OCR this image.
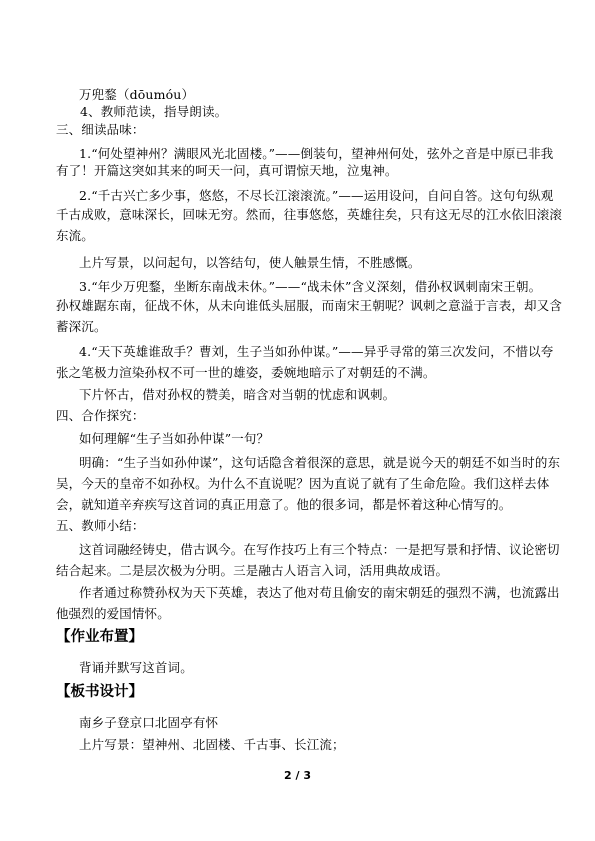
万兜鍪（dōumóu）
4、教师范读，指导朗读。
三、细读品味：
1.“何处望神州？满眼风光北固楼。”——倒装句，望神州何处，弦外之音是中原已非我
有了！开篇这突如其来的呵天一问，真可谓惊天地，泣鬼神。
2.“千古兴亡多少事，悠悠，不尽长江滚滚流。”——运用设问，自问自答。这句句纵观
千古成败，意味深长，回味无穷。然而，往事悠悠，英雄往矣，只有这无尽的江水依旧滚滚
东流。
上片写景，以问起句，以答结句，使人触景生情，不胜感慨。
3.“年少万兜鍪，坐断东南战未休。”——“战未休”含义深刻，借孙权讽刺南宋王朝。
孙权雄踞东南，征战不休，从未向谁低头屈服，而南宋王朝呢？讽刺之意溢于言表，却又含
蓄深沉。
4.“天下英雄谁敌手？曹刘，生子当如孙仲谋。”——异乎寻常的第三次发问，不惜以夸
张之笔极力渲染孙权不可一世的雄姿，委婉地暗示了对朝廷的不满。
下片怀古，借对孙权的赞美，暗含对当朝的忧虑和讽刺。
四、合作探究：
如何理解“生子当如孙仲谋”一句？
明确：“生子当如孙仲谋”，这句话隐含着很深的意思，就是说今天的朝廷不如当时的东
吴，今天的皇帝不如孙权。为什么不直说呢？因为直说了就有了生命危险。我们这样去体
会，就知道辛弃疾写这首词的真正用意了。他的很多词，都是怀着这种心情写的。
五、教师小结：
这首词融经铸史，借古讽今。在写作技巧上有三个特点：一是把写景和抒情、议论密切
结合起来。二是层次极为分明。三是融古人语言入词，活用典故成语。
作者通过称赞孙权为天下英雄，表达了他对苟且偷安的南宋朝廷的强烈不满，也流露出
他强烈的爱国情怀。
【作业布置】
背诵并默写这首词。
【板书设计】
南乡子登京口北固亭有怀
上片写景：望神州、北固楼、千古事、长江流；
2 / 3
